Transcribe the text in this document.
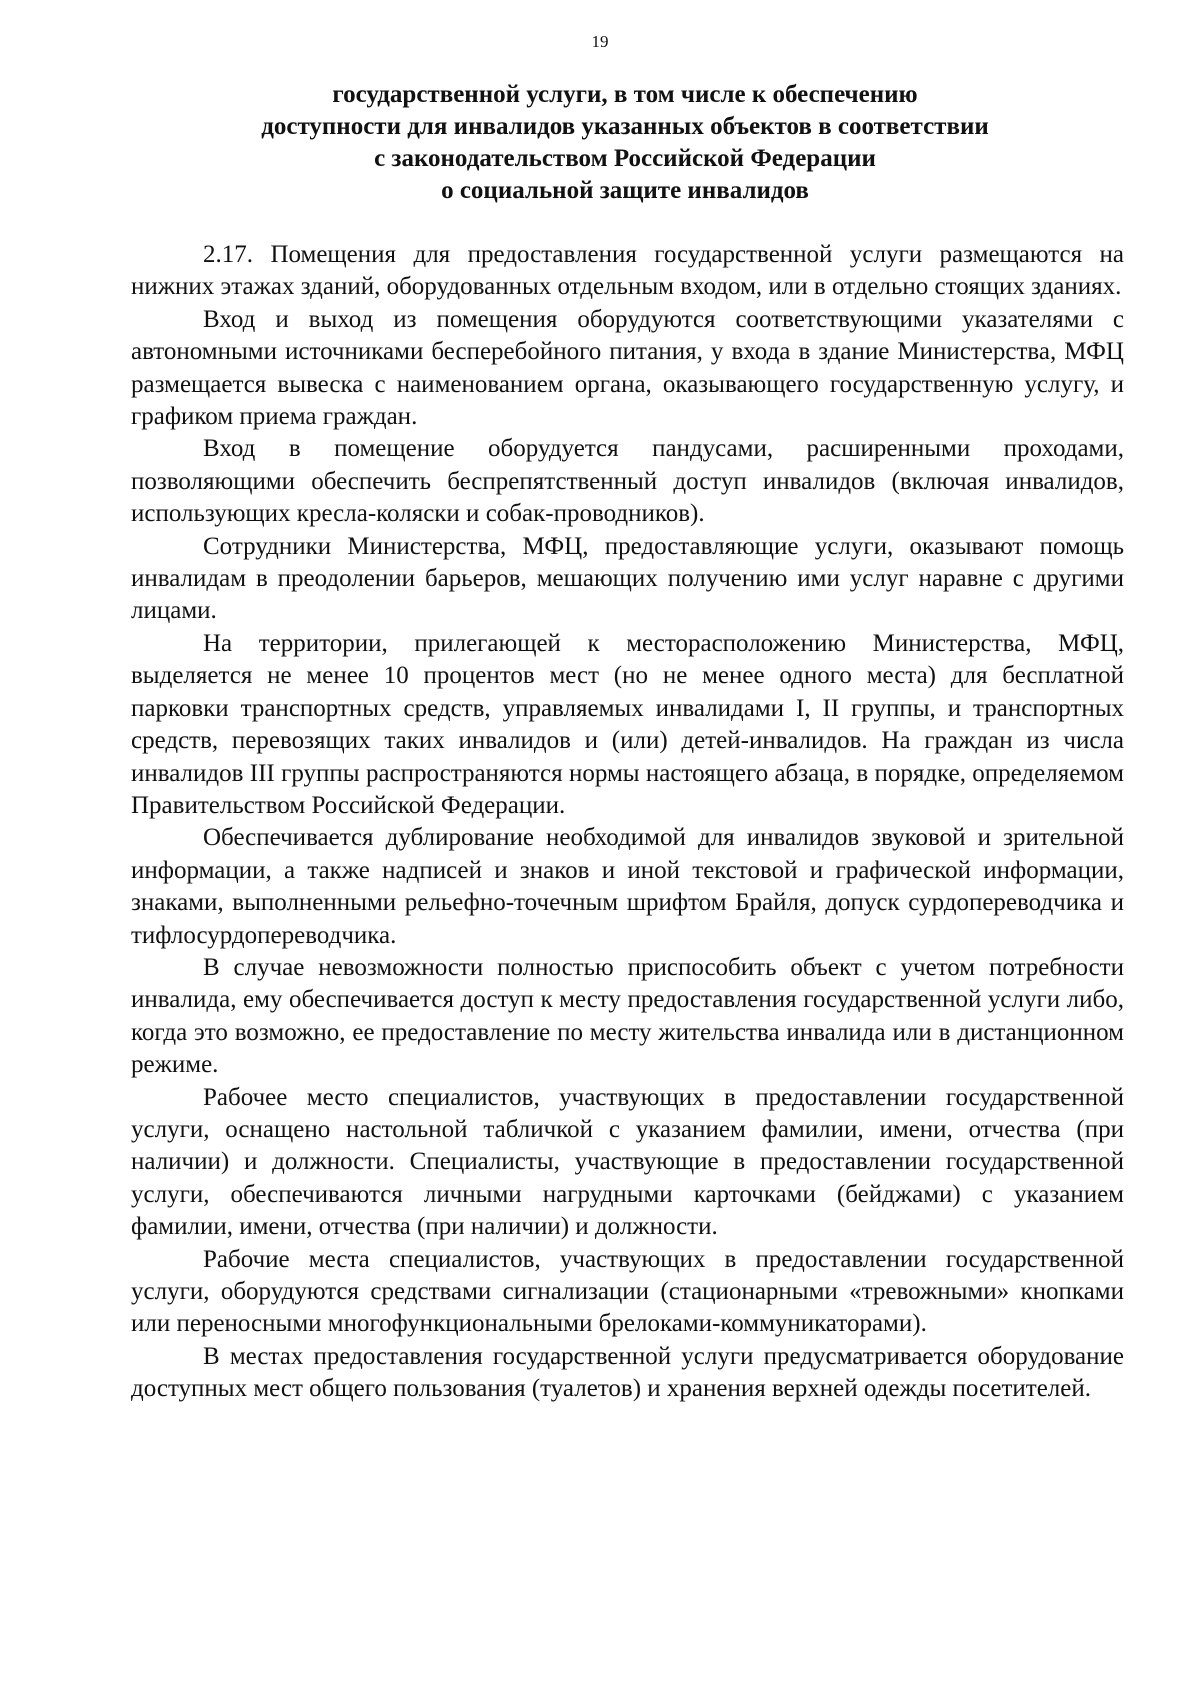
19
государственной услуги, в том числе к обеспечению
доступности для инвалидов указанных объектов в соответствии
с законодательством Российской Федерации
о социальной защите инвалидов

2.17. Помещения для предоставления государственной услуги размещаются на нижних этажах зданий, оборудованных отдельным входом, или в отдельно стоящих зданиях.

Вход и выход из помещения оборудуются соответствующими указателями с автономными источниками бесперебойного питания, у входа в здание Министерства, МФЦ размещается вывеска с наименованием органа, оказывающего государственную услугу, и графиком приема граждан.

Вход в помещение оборудуется пандусами, расширенными проходами, позволяющими обеспечить беспрепятственный доступ инвалидов (включая инвалидов, использующих кресла-коляски и собак-проводников).

Сотрудники Министерства, МФЦ, предоставляющие услуги, оказывают помощь инвалидам в преодолении барьеров, мешающих получению ими услуг наравне с другими лицами.

На территории, прилегающей к месторасположению Министерства, МФЦ, выделяется не менее 10 процентов мест (но не менее одного места) для бесплатной парковки транспортных средств, управляемых инвалидами I, II группы, и транспортных средств, перевозящих таких инвалидов и (или) детей-инвалидов. На граждан из числа инвалидов III группы распространяются нормы настоящего абзаца, в порядке, определяемом Правительством Российской Федерации.

Обеспечивается дублирование необходимой для инвалидов звуковой и зрительной информации, а также надписей и знаков и иной текстовой и графической информации, знаками, выполненными рельефно-точечным шрифтом Брайля, допуск сурдопереводчика и тифлосурдопереводчика.

В случае невозможности полностью приспособить объект с учетом потребности инвалида, ему обеспечивается доступ к месту предоставления государственной услуги либо, когда это возможно, ее предоставление по месту жительства инвалида или в дистанционном режиме.

Рабочее место специалистов, участвующих в предоставлении государственной услуги, оснащено настольной табличкой с указанием фамилии, имени, отчества (при наличии) и должности. Специалисты, участвующие в предоставлении государственной услуги, обеспечиваются личными нагрудными карточками (бейджами) с указанием фамилии, имени, отчества (при наличии) и должности.

Рабочие места специалистов, участвующих в предоставлении государственной услуги, оборудуются средствами сигнализации (стационарными «тревожными» кнопками или переносными многофункциональными брелоками-коммуникаторами).

В местах предоставления государственной услуги предусматривается оборудование доступных мест общего пользования (туалетов) и хранения верхней одежды посетителей.
